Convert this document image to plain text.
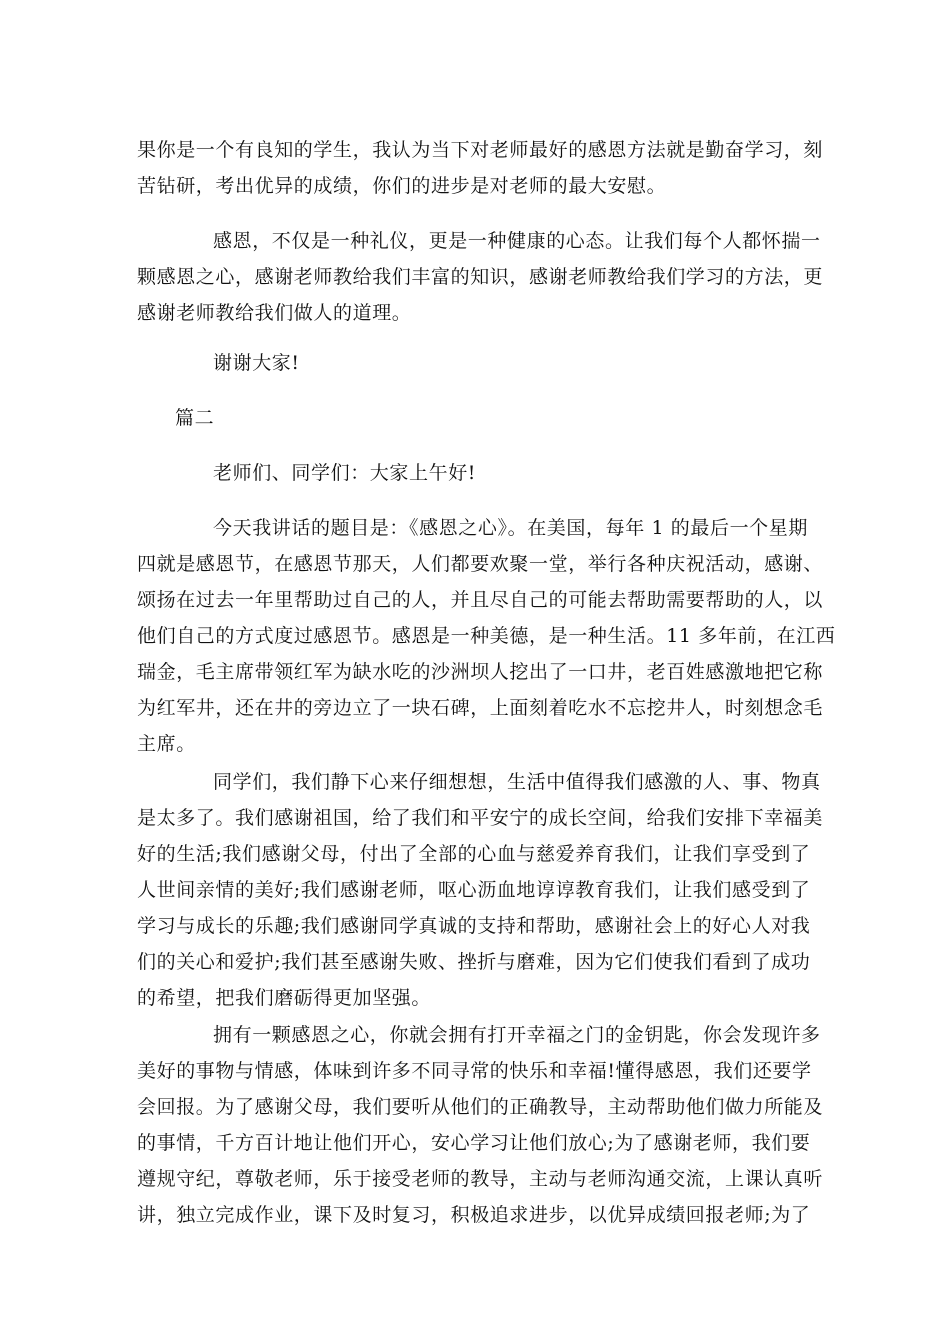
果你是一个有良知的学生，我认为当下对老师最好的感恩方法就是勤奋学习，刻
苦钻研，考出优异的成绩，你们的进步是对老师的最大安慰。
感恩，不仅是一种礼仪，更是一种健康的心态。让我们每个人都怀揣一
颗感恩之心，感谢老师教给我们丰富的知识，感谢老师教给我们学习的方法，更
感谢老师教给我们做人的道理。
谢谢大家!
篇二
老师们、同学们：大家上午好!
今天我讲话的题目是：《感恩之心》。在美国，每年 1 的最后一个星期
四就是感恩节，在感恩节那天，人们都要欢聚一堂，举行各种庆祝活动，感谢、
颂扬在过去一年里帮助过自己的人，并且尽自己的可能去帮助需要帮助的人，以
他们自己的方式度过感恩节。感恩是一种美德，是一种生活。11 多年前，在江西
瑞金，毛主席带领红军为缺水吃的沙洲坝人挖出了一口井，老百姓感激地把它称
为红军井，还在井的旁边立了一块石碑，上面刻着吃水不忘挖井人，时刻想念毛
主席。
同学们，我们静下心来仔细想想，生活中值得我们感激的人、事、物真
是太多了。我们感谢祖国，给了我们和平安宁的成长空间，给我们安排下幸福美
好的生活;我们感谢父母，付出了全部的心血与慈爱养育我们，让我们享受到了
人世间亲情的美好;我们感谢老师，呕心沥血地谆谆教育我们，让我们感受到了
学习与成长的乐趣;我们感谢同学真诚的支持和帮助，感谢社会上的好心人对我
们的关心和爱护;我们甚至感谢失败、挫折与磨难，因为它们使我们看到了成功
的希望，把我们磨砺得更加坚强。
拥有一颗感恩之心，你就会拥有打开幸福之门的金钥匙，你会发现许多
美好的事物与情感，体味到许多不同寻常的快乐和幸福!懂得感恩，我们还要学
会回报。为了感谢父母，我们要听从他们的正确教导，主动帮助他们做力所能及
的事情，千方百计地让他们开心，安心学习让他们放心;为了感谢老师，我们要
遵规守纪，尊敬老师，乐于接受老师的教导，主动与老师沟通交流，上课认真听
讲，独立完成作业，课下及时复习，积极追求进步，以优异成绩回报老师;为了
